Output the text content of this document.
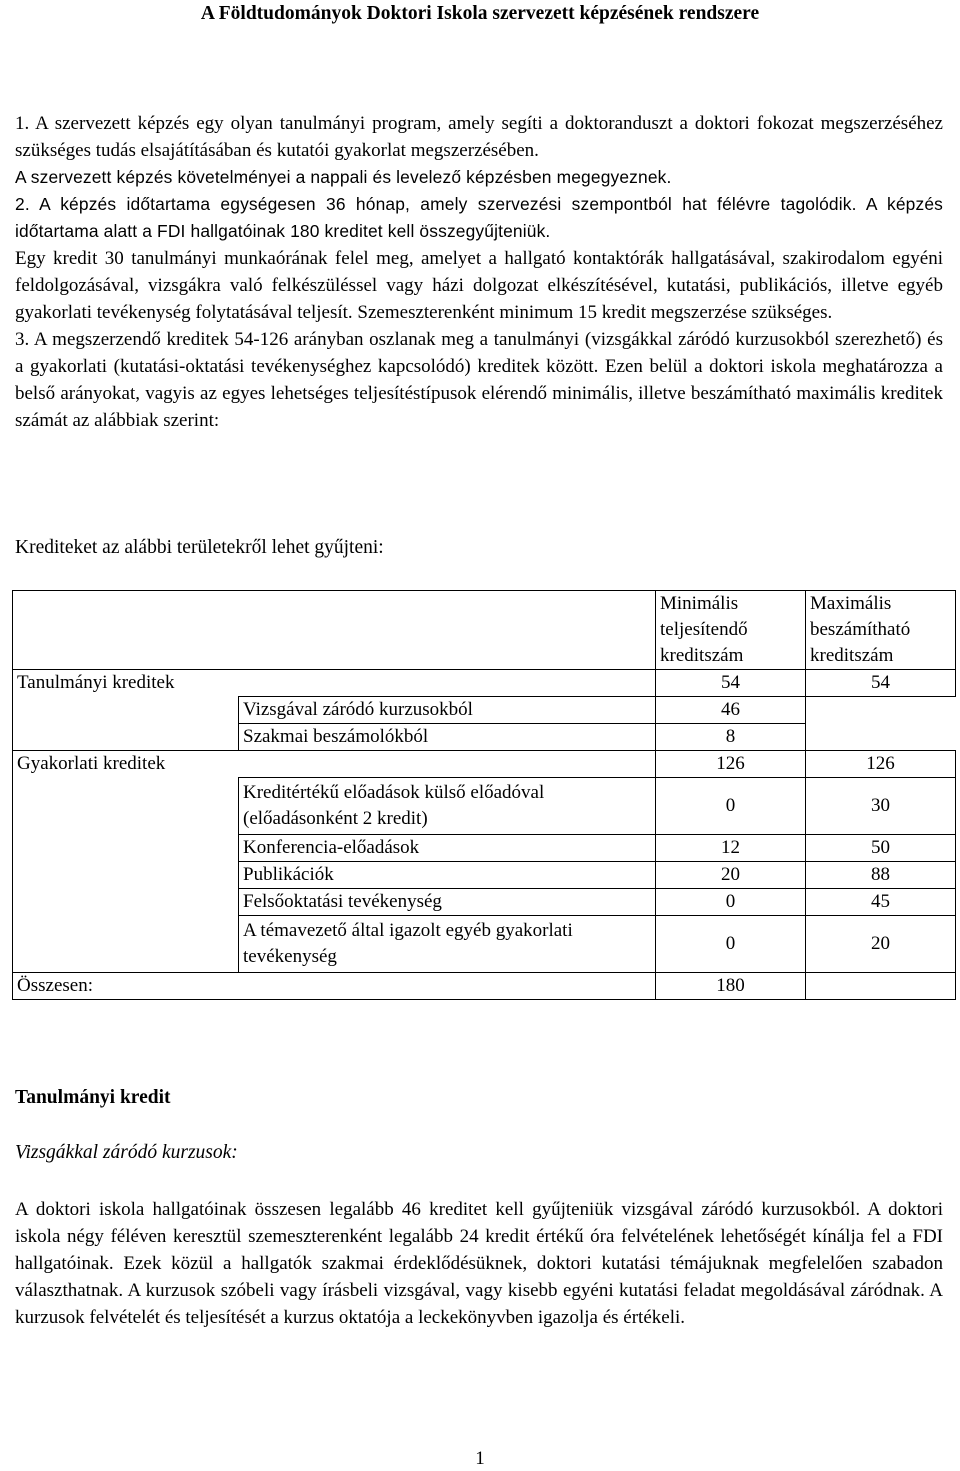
A Földtudományok Doktori Iskola szervezett képzésének rendszere

1. A szervezett képzés egy olyan tanulmányi program, amely segíti a doktoranduszt a doktori fokozat megszerzéséhez szükséges tudás elsajátításában és kutatói gyakorlat megszerzésében.

A szervezett képzés követelményei a nappali és levelező képzésben megegyeznek.

2. A képzés időtartama egységesen 36 hónap, amely szervezési szempontból hat félévre tagolódik. A képzés időtartama alatt a FDI hallgatóinak 180 kreditet kell összegyűjteniük.

Egy kredit 30 tanulmányi munkaórának felel meg, amelyet a hallgató kontaktórák hallgatásával, szakirodalom egyéni feldolgozásával, vizsgákra való felkészüléssel vagy házi dolgozat elkészítésével, kutatási, publikációs, illetve egyéb gyakorlati tevékenység folytatásával teljesít. Szemeszterenként minimum 15 kredit megszerzése szükséges.

3. A megszerzendő kreditek 54-126 arányban oszlanak meg a tanulmányi (vizsgákkal záródó kurzusokból szerezhető) és a gyakorlati (kutatási-oktatási tevékenységhez kapcsolódó) kreditek között. Ezen belül a doktori iskola meghatározza a belső arányokat, vagyis az egyes lehetséges teljesítéstípusok elérendő minimális, illetve beszámítható maximális kreditek számát az alábbiak szerint:

Krediteket az alábbi területekről lehet gyűjteni:
		Minimális teljesítendő kreditszám	Maximális beszámítható kreditszám
Tanulmányi kreditek		54	54
	Vizsgával záródó kurzusokból	46	
	Szakmai beszámolókból	8	
Gyakorlati kreditek		126	126
	Kreditértékű előadások külső előadóval (előadásonként 2 kredit)	0	30
	Konferencia-előadások	12	50
	Publikációk	20	88
	Felsőoktatási tevékenység	0	45
	A témavezető által igazolt egyéb gyakorlati tevékenység	0	20
Összesen:		180	
Tanulmányi kredit
Vizsgákkal záródó kurzusok:

A doktori iskola hallgatóinak összesen legalább 46 kreditet kell gyűjteniük vizsgával záródó kurzusokból. A doktori iskola négy féléven keresztül szemeszterenként legalább 24 kredit értékű óra felvételének lehetőségét kínálja fel a FDI hallgatóinak. Ezek közül a hallgatók szakmai érdeklődésüknek, doktori kutatási témájuknak megfelelően szabadon választhatnak. A kurzusok szóbeli vagy írásbeli vizsgával, vagy kisebb egyéni kutatási feladat megoldásával záródnak. A kurzusok felvételét és teljesítését a kurzus oktatója a leckekönyvben igazolja és értékeli.

1
